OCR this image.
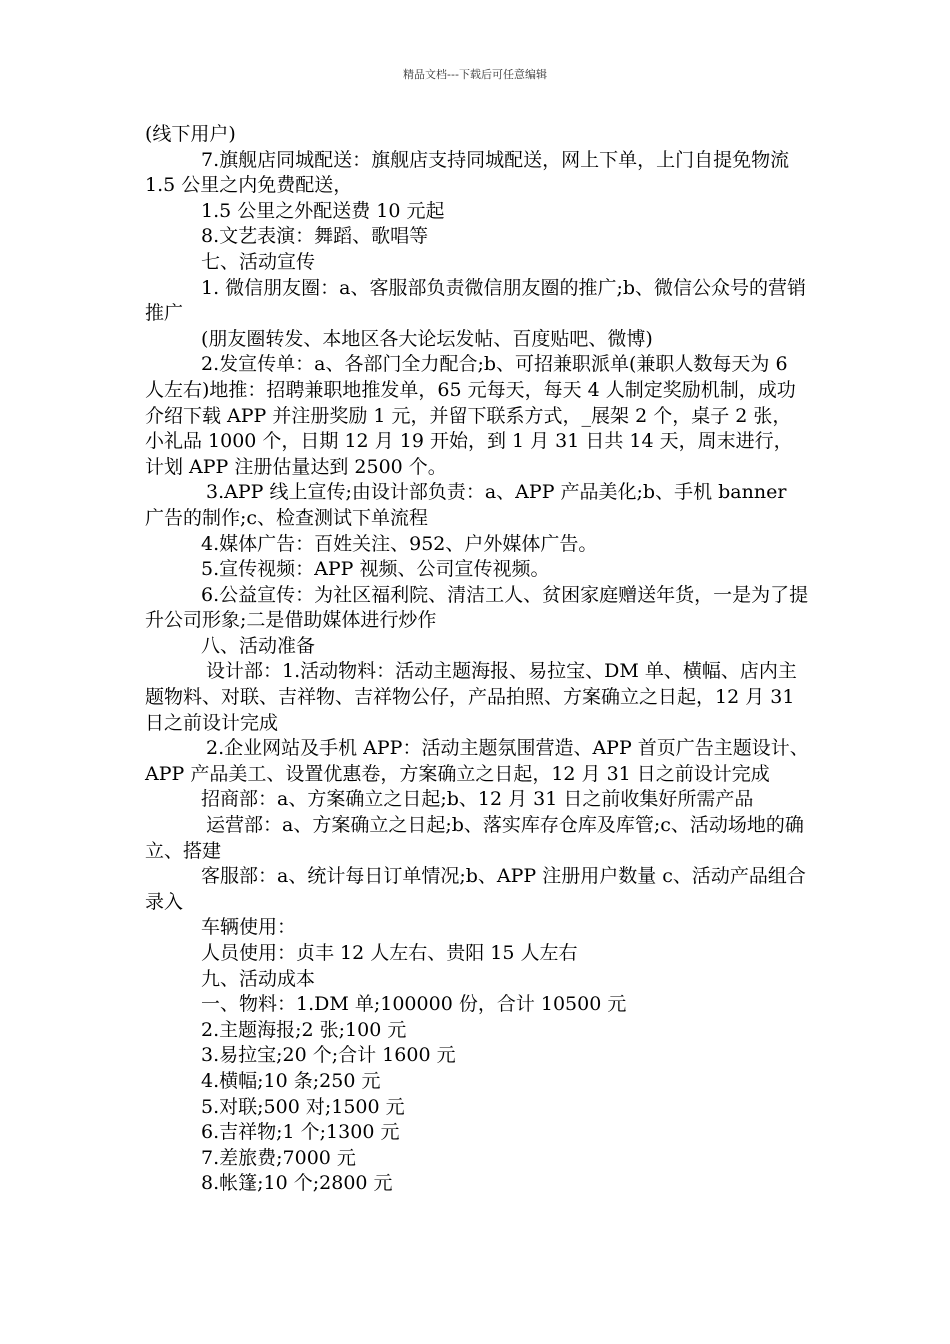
精品文档---下载后可任意编辑

(线下用户)

7.旗舰店同城配送：旗舰店支持同城配送，网上下单，上门自提免物流 1.5 公里之内免费配送，

1.5 公里之外配送费 10 元起

8.文艺表演：舞蹈、歌唱等

七、活动宣传

1. 微信朋友圈：a、客服部负责微信朋友圈的推广;b、微信公众号的营销推广

(朋友圈转发、本地区各大论坛发帖、百度贴吧、微博)

2.发宣传单：a、各部门全力配合;b、可招兼职派单(兼职人数每天为 6 人左右)地推：招聘兼职地推发单，65 元每天，每天 4 人制定奖励机制，成功介绍下载 APP 并注册奖励 1 元，并留下联系方式，_展架 2 个，桌子 2 张，小礼品 1000 个，日期 12 月 19 开始，到 1 月 31 日共 14 天，周末进行，计划 APP 注册估量达到 2500 个。

3.APP 线上宣传;由设计部负责：a、APP 产品美化;b、手机 banner 广告的制作;c、检查测试下单流程

4.媒体广告：百姓关注、952、户外媒体广告。

5.宣传视频：APP 视频、公司宣传视频。

6.公益宣传：为社区福利院、清洁工人、贫困家庭赠送年货，一是为了提升公司形象;二是借助媒体进行炒作

八、活动准备

设计部：1.活动物料：活动主题海报、易拉宝、DM 单、横幅、店内主题物料、对联、吉祥物、吉祥物公仔，产品拍照、方案确立之日起，12 月 31 日之前设计完成

2.企业网站及手机 APP：活动主题氛围营造、APP 首页广告主题设计、APP 产品美工、设置优惠卷，方案确立之日起，12 月 31 日之前设计完成

招商部：a、方案确立之日起;b、12 月 31 日之前收集好所需产品

运营部：a、方案确立之日起;b、落实库存仓库及库管;c、活动场地的确立、搭建

客服部：a、统计每日订单情况;b、APP 注册用户数量 c、活动产品组合录入

车辆使用：

人员使用：贞丰 12 人左右、贵阳 15 人左右

九、活动成本

一、物料：1.DM 单;100000 份，合计 10500 元

2.主题海报;2 张;100 元

3.易拉宝;20 个;合计 1600 元

4.横幅;10 条;250 元

5.对联;500 对;1500 元

6.吉祥物;1 个;1300 元

7.差旅费;7000 元

8.帐篷;10 个;2800 元
